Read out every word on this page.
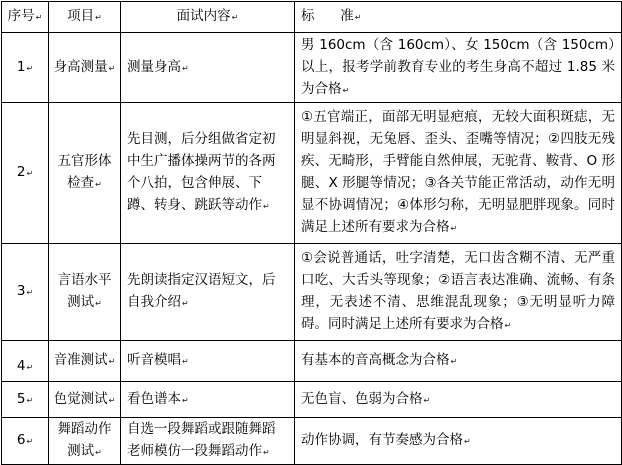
序号↵	项目↵	面试内容↵	标      准↵
1↵	身高测量↵	测量身高↵	男 160cm（含 160cm）、女 150cm（含 150cm）以上，报考学前教育专业的考生身高不超过 1.85 米为合格↵
2↵	五官形体检查↵	先目测，后分组做省定初中生广播体操两节的各两个八拍，包含伸展、下蹲、转身、跳跃等动作↵	①五官端正，面部无明显疤痕，无较大面积斑痣，无明显斜视，无兔唇、歪头、歪嘴等情况；②四肢无残疾、无畸形，手臂能自然伸展，无驼背、鞍背、O 形腿、X 形腿等情况；③各关节能正常活动，动作无明显不协调情况；④体形匀称，无明显肥胖现象。同时满足上述所有要求为合格↵
3↵	言语水平测试↵	先朗读指定汉语短文，后自我介绍↵	①会说普通话，吐字清楚，无口齿含糊不清、无严重口吃、大舌头等现象；②语言表达准确、流畅、有条理，无表述不清、思维混乱现象；③无明显听力障碍。同时满足上述所有要求为合格↵
4↵	音准测试↵	听音模唱↵	有基本的音高概念为合格↵
5↵	色觉测试↵	看色谱本↵	无色盲、色弱为合格↵
6↵	舞蹈动作测试↵	自选一段舞蹈或跟随舞蹈老师模仿一段舞蹈动作↵	动作协调，有节奏感为合格↵
